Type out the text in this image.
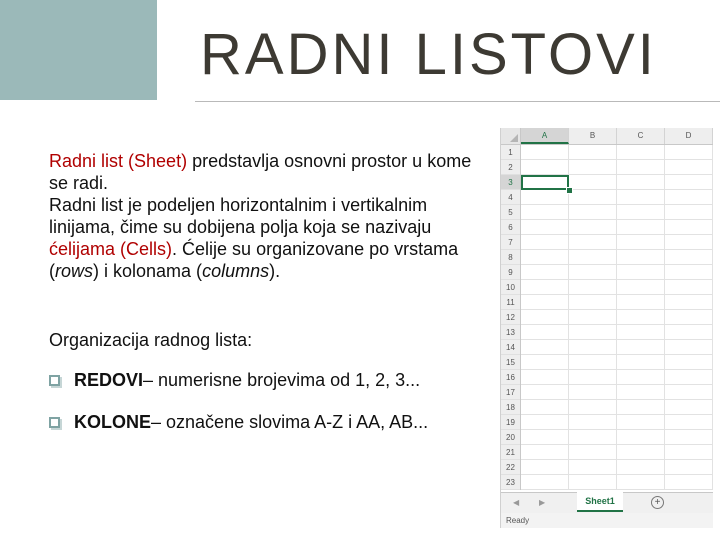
RADNI LISTOVI
Radni list (Sheet) predstavlja osnovni prostor u kome se radi.
Radni list je podeljen horizontalnim i vertikalnim linijama, čime su dobijena polja koja se nazivaju ćelijama (Cells). Ćelije su organizovane po vrstama (rows) i kolonama (columns).
Organizacija radnog lista:
REDOVI– numerisne brojevima od 1, 2, 3...
KOLONE– označene slovima A-Z i AA, AB...
A	B	C	D
1
2
3
4
5
6
7
8
9
10
11
12
13
14
15
16
17
18
19
20
21
22
23
◀ ▶	Sheet1	+
Ready
